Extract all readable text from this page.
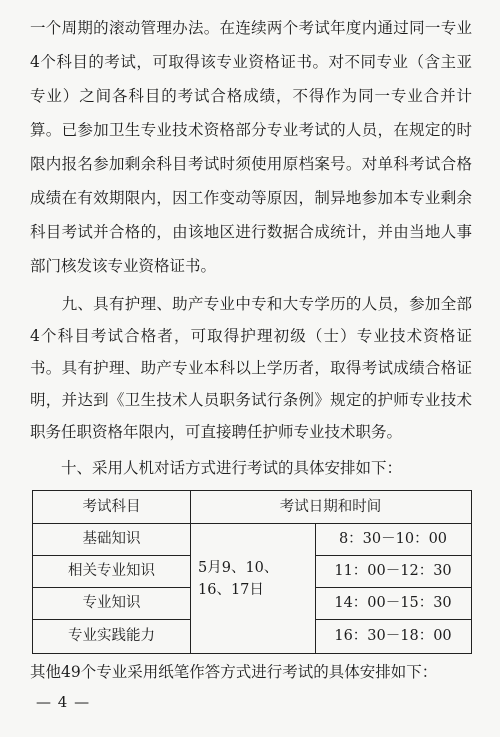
一个周期的滚动管理办法。在连续两个考试年度内通过同一专业
4个科目的考试，可取得该专业资格证书。对不同专业（含主亚
专业）之间各科目的考试合格成绩，不得作为同一专业合并计
算。已参加卫生专业技术资格部分专业考试的人员，在规定的时
限内报名参加剩余科目考试时须使用原档案号。对单科考试合格
成绩在有效期限内，因工作变动等原因，制异地参加本专业剩余
科目考试并合格的，由该地区进行数据合成统计，并由当地人事
部门核发该专业资格证书。
　　九、具有护理、助产专业中专和大专学历的人员，参加全部
4个科目考试合格者，可取得护理初级（士）专业技术资格证
书。具有护理、助产专业本科以上学历者，取得考试成绩合格证
明，并达到《卫生技术人员职务试行条例》规定的护师专业技术
职务任职资格年限内，可直接聘任护师专业技术职务。
　　十、采用人机对话方式进行考试的具体安排如下：
考试科目	考试日期和时间
基础知识
相关专业知识
专业知识
专业实践能力
5月9、10、16、17日
8：30－10：00
11：00－12：30
14：00－15：30
16：30－18：00
其他49个专业采用纸笔作答方式进行考试的具体安排如下：
— 4 —
